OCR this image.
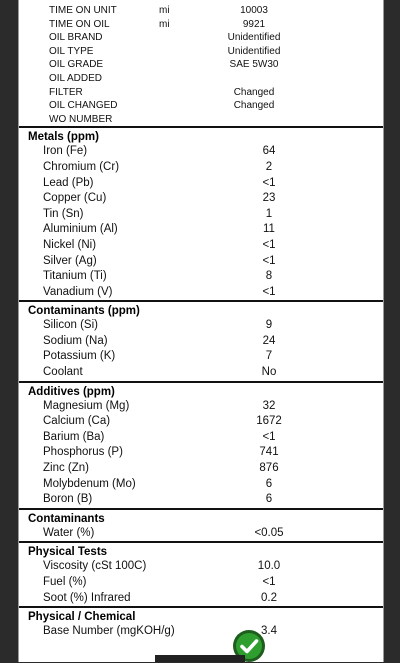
TIME ON UNIT	mi	10003
TIME ON OIL	mi	9921
OIL BRAND	Unidentified
OIL TYPE	Unidentified
OIL GRADE	SAE 5W30
OIL ADDED
FILTER	Changed
OIL CHANGED	Changed
WO NUMBER
Metals (ppm)
Iron (Fe)	64
Chromium (Cr)	2
Lead (Pb)	<1
Copper (Cu)	23
Tin (Sn)	1
Aluminium (Al)	11
Nickel (Ni)	<1
Silver (Ag)	<1
Titanium (Ti)	8
Vanadium (V)	<1
Contaminants (ppm)
Silicon (Si)	9
Sodium (Na)	24
Potassium (K)	7
Coolant	No
Additives (ppm)
Magnesium (Mg)	32
Calcium (Ca)	1672
Barium (Ba)	<1
Phosphorus (P)	741
Zinc (Zn)	876
Molybdenum (Mo)	6
Boron (B)	6
Contaminants
Water (%)	<0.05
Physical Tests
Viscosity (cSt 100C)	10.0
Fuel (%)	<1
Soot (%) Infrared	0.2
Physical / Chemical
Base Number (mgKOH/g)	3.4
